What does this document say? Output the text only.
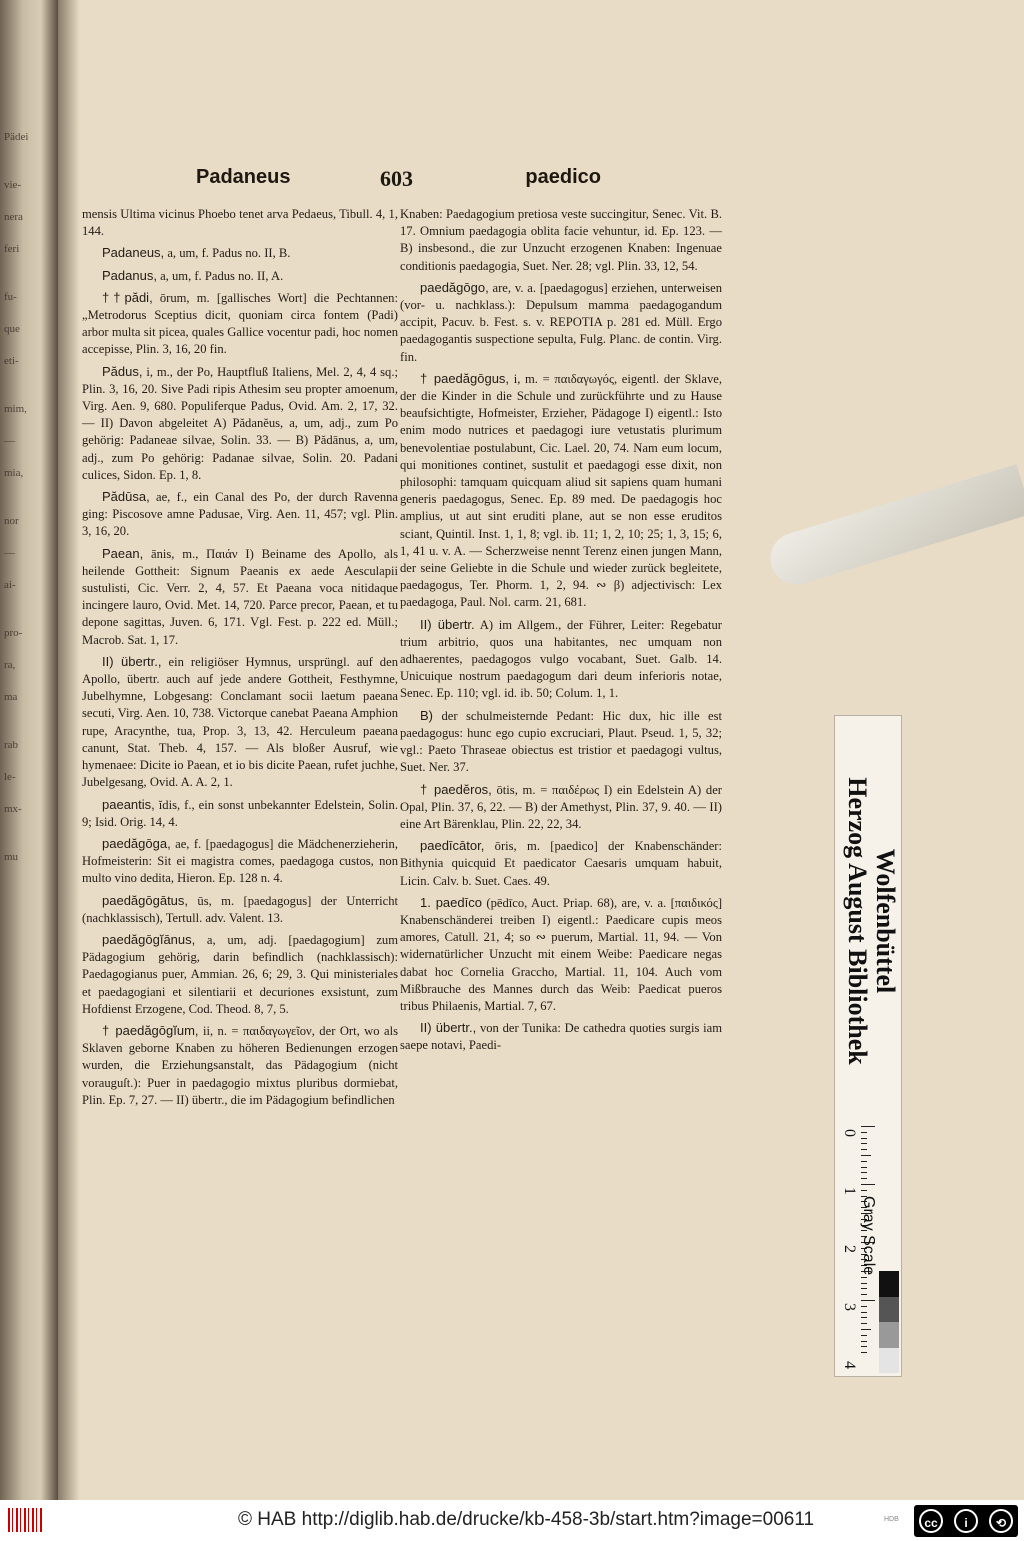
Pädei
vie-
nera
feri
fu-
que
eti-
mim,
—
mia,
nor
—
ai-
pro-
ra,
ma
rab
le-
mx-
mu
Padaneus	603	paedico

mensis Ultima vicinus Phoebo tenet arva Pedaeus, Tibull. 4, 1, 144.

Padaneus, a, um, f. Padus no. II, B.

Padanus, a, um, f. Padus no. II, A.

††pădi, ōrum, m. [gallisches Wort] die Pechtannen: „Metrodorus Sceptius dicit, quoniam circa fontem (Padi) arbor multa sit picea, quales Gallice vocentur padi, hoc nomen accepisse, Plin. 3, 16, 20 fin.

Pădus, i, m., der Po, Hauptfluß Italiens, Mel. 2, 4, 4 sq.; Plin. 3, 16, 20. Sive Padi ripis Athesim seu propter amoenum, Virg. Aen. 9, 680. Populiferque Padus, Ovid. Am. 2, 17, 32. — II) Davon abgeleitet A) Pădanĕus, a, um, adj., zum Po gehörig: Padaneae silvae, Solin. 33. — B) Pădānus, a, um, adj., zum Po gehörig: Padanae silvae, Solin. 20. Padani culices, Sidon. Ep. 1, 8.

Pădūsa, ae, f., ein Canal des Po, der durch Ravenna ging: Piscosove amne Padusae, Virg. Aen. 11, 457; vgl. Plin. 3, 16, 20.

Paean, ānis, m., Παιάν I) Beiname des Apollo, als heilende Gottheit: Signum Paeanis ex aede Aesculapii sustulisti, Cic. Verr. 2, 4, 57. Et Paeana voca nitidaque incingere lauro, Ovid. Met. 14, 720. Parce precor, Paean, et tu depone sagittas, Juven. 6, 171. Vgl. Fest. p. 222 ed. Müll.; Macrob. Sat. 1, 17.

II) übertr., ein religiöser Hymnus, ursprüngl. auf den Apollo, übertr. auch auf jede andere Gottheit, Festhymne, Jubelhymne, Lobgesang: Conclamant socii laetum paeana secuti, Virg. Aen. 10, 738. Victorque canebat Paeana Amphion rupe, Aracynthe, tua, Prop. 3, 13, 42. Herculeum paeana canunt, Stat. Theb. 4, 157. — Als bloßer Ausruf, wie hymenaee: Dicite io Paean, et io bis dicite Paean, rufet juchhe, Jubelgesang, Ovid. A. A. 2, 1.

paeantis, ĭdis, f., ein sonst unbekannter Edelstein, Solin. 9; Isid. Orig. 14, 4.

paedăgōga, ae, f. [paedagogus] die Mädchenerzieherin, Hofmeisterin: Sit ei magistra comes, paedagoga custos, non multo vino dedita, Hieron. Ep. 128 n. 4.

paedăgōgātus, ūs, m. [paedagogus] der Unterricht (nachklassisch), Tertull. adv. Valent. 13.

paedăgōgĭānus, a, um, adj. [paedagogium] zum Pädagogium gehörig, darin befindlich (nachklassisch): Paedagogianus puer, Ammian. 26, 6; 29, 3. Qui ministeriales et paedagogiani et silentiarii et decuriones exsistunt, zum Hofdienst Erzogene, Cod. Theod. 8, 7, 5.

† paedăgōgĭum, ii, n. = παιδαγωγεῖον, der Ort, wo als Sklaven geborne Knaben zu höheren Bedienungen erzogen wurden, die Erziehungsanstalt, das Pädagogium (nicht vorauguſt.): Puer in paedagogio mixtus pluribus dormiebat, Plin. Ep. 7, 27. — II) übertr., die im Pädagogium befindlichen

Knaben: Paedagogium pretiosa veste succingitur, Senec. Vit. B. 17. Omnium paedagogia oblita facie vehuntur, id. Ep. 123. — B) insbesond., die zur Unzucht erzogenen Knaben: Ingenuae conditionis paedagogia, Suet. Ner. 28; vgl. Plin. 33, 12, 54.

paedăgōgo, are, v. a. [paedagogus] erziehen, unterweisen (vor- u. nachklass.): Depulsum mamma paedagogandum accipit, Pacuv. b. Fest. s. v. REPOTIA p. 281 ed. Müll. Ergo paedagogantis suspectione sepulta, Fulg. Planc. de contin. Virg. fin.

† paedăgōgus, i, m. = παιδαγωγός, eigentl. der Sklave, der die Kinder in die Schule und zurückführte und zu Hause beaufsichtigte, Hofmeister, Erzieher, Pädagoge I) eigentl.: Isto enim modo nutrices et paedagogi iure vetustatis plurimum benevolentiae postulabunt, Cic. Lael. 20, 74. Nam eum locum, qui monitiones continet, sustulit et paedagogi esse dixit, non philosophi: tamquam quicquam aliud sit sapiens quam humani generis paedagogus, Senec. Ep. 89 med. De paedagogis hoc amplius, ut aut sint eruditi plane, aut se non esse eruditos sciant, Quintil. Inst. 1, 1, 8; vgl. ib. 11; 1, 2, 10; 25; 1, 3, 15; 6, 1, 41 u. v. A. — Scherzweise nennt Terenz einen jungen Mann, der seine Geliebte in die Schule und wieder zurück begleitete, paedagogus, Ter. Phorm. 1, 2, 94. ∾ β) adjectivisch: Lex paedagoga, Paul. Nol. carm. 21, 681.

II) übertr. A) im Allgem., der Führer, Leiter: Regebatur trium arbitrio, quos una habitantes, nec umquam non adhaerentes, paedagogos vulgo vocabant, Suet. Galb. 14. Unicuique nostrum paedagogum dari deum inferioris notae, Senec. Ep. 110; vgl. id. ib. 50; Colum. 1, 1.

B) der schulmeisternde Pedant: Hic dux, hic ille est paedagogus: hunc ego cupio excruciari, Plaut. Pseud. 1, 5, 32; vgl.: Paeto Thraseae obiectus est tristior et paedagogi vultus, Suet. Ner. 37.

† paedĕros, ōtis, m. = παιδέρως I) ein Edelstein A) der Opal, Plin. 37, 6, 22. — B) der Amethyst, Plin. 37, 9. 40. — II) eine Art Bärenklau, Plin. 22, 22, 34.

paedīcātor, ōris, m. [paedico] der Knabenschänder: Bithynia quicquid Et paedicator Caesaris umquam habuit, Licin. Calv. b. Suet. Caes. 49.

1. paedīco (pēdīco, Auct. Priap. 68), are, v. a. [παιδικός] Knabenschänderei treiben I) eigentl.: Paedicare cupis meos amores, Catull. 21, 4; so ∾ puerum, Martial. 11, 94. — Von widernatürlicher Unzucht mit einem Weibe: Paedicare negas dabat hoc Cornelia Graccho, Martial. 11, 104. Auch vom Mißbrauche des Mannes durch das Weib: Paedicat pueros tribus Philaenis, Martial. 7, 67.

II) übertr., von der Tunika: De cathedra quoties surgis iam saepe notavi, Paedi-	Herzog August Bibliothek Wolfenbüttel
0
1
2
3
4
Gray Scale
© HAB http://diglib.hab.de/drucke/kb-458-3b/start.htm?image=00611	HDB	cc	i	⟲
